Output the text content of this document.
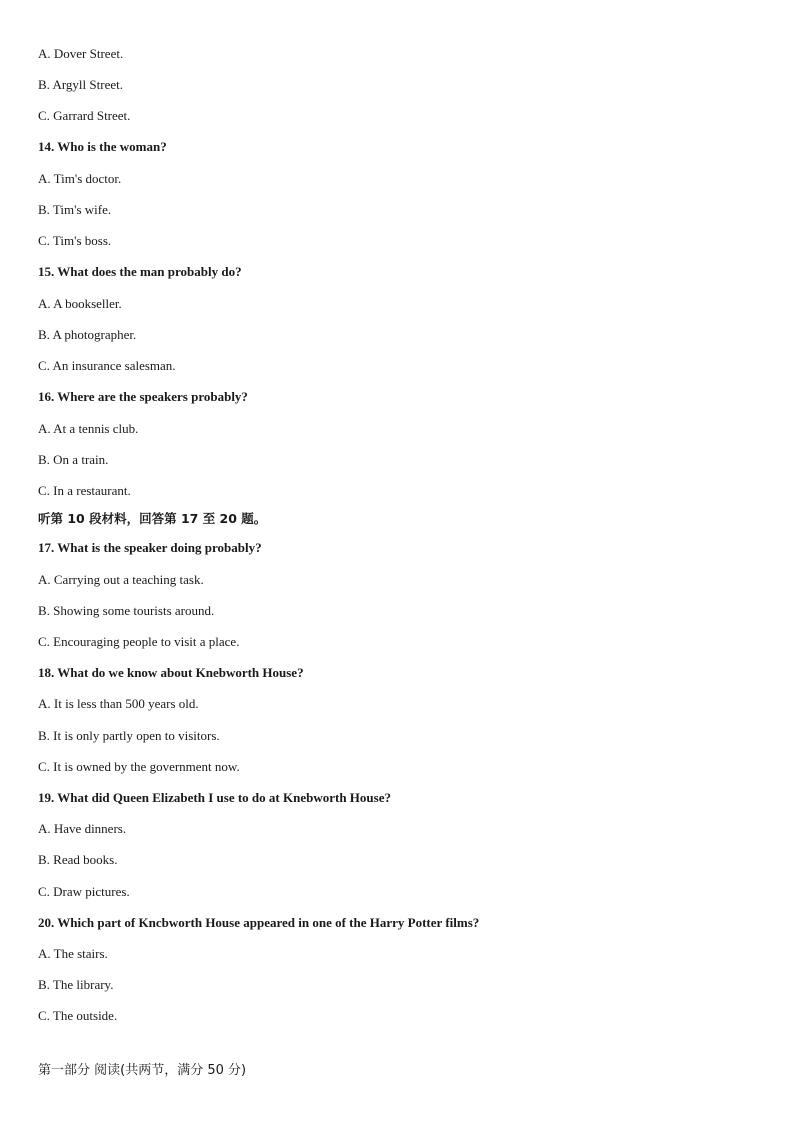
A. Dover Street.
B. Argyll Street.
C. Garrard Street.
14. Who is the woman?
A. Tim's doctor.
B. Tim's wife.
C. Tim's boss.
15. What does the man probably do?
A. A bookseller.
B. A photographer.
C. An insurance salesman.
16. Where are the speakers probably?
A. At a tennis club.
B. On a train.
C. In a restaurant.
听第 10 段材料，回答第 17 至 20 题。
17. What is the speaker doing probably?
A. Carrying out a teaching task.
B. Showing some tourists around.
C. Encouraging people to visit a place.
18. What do we know about Knebworth House?
A. It is less than 500 years old.
B. It is only partly open to visitors.
C. It is owned by the government now.
19. What did Queen Elizabeth I use to do at Knebworth House?
A. Have dinners.
B. Read books.
C. Draw pictures.
20. Which part of Kncbworth House appeared in one of the Harry Potter films?
A. The stairs.
B. The library.
C. The outside.
第一部分 阅读(共两节，满分 50 分)
